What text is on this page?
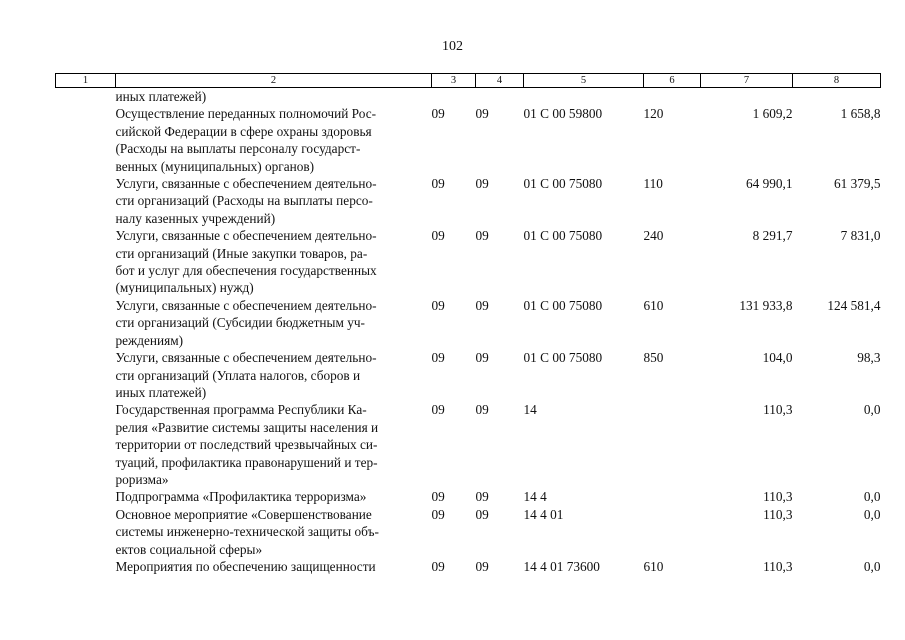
102
1	2	3	4	5	6	7	8

	иных платежей)						

	Осуществление переданных полномочий Рос-
сийской Федерации в сфере охраны здоровья
(Расходы на выплаты персоналу государст-
венных (муниципальных) органов)	09	09	01 С 00 59800	120	1 609,2	1 658,8

	Услуги, связанные с обеспечением деятельно-
сти организаций (Расходы на выплаты персо-
налу казенных учреждений)	09	09	01 С 00 75080	110	64 990,1	61 379,5

	Услуги, связанные с обеспечением деятельно-
сти организаций (Иные закупки товаров, ра-
бот и услуг для обеспечения государственных
(муниципальных) нужд)	09	09	01 С 00 75080	240	8 291,7	7 831,0

	Услуги, связанные с обеспечением деятельно-
сти организаций (Субсидии бюджетным уч-
реждениям)	09	09	01 С 00 75080	610	131 933,8	124 581,4

	Услуги, связанные с обеспечением деятельно-
сти организаций (Уплата налогов, сборов и
иных платежей)	09	09	01 С 00 75080	850	104,0	98,3

	Государственная программа Республики Ка-
релия «Развитие системы защиты населения и
территории от последствий чрезвычайных си-
туаций, профилактика правонарушений и тер-
роризма»	09	09	14		110,3	0,0

	Подпрограмма «Профилактика терроризма»	09	09	14 4		110,3	0,0

	Основное мероприятие «Совершенствование
системы инженерно-технической защиты объ-
ектов социальной сферы»	09	09	14 4 01		110,3	0,0

	Мероприятия по обеспечению защищенности	09	09	14 4 01 73600	610	110,3	0,0
